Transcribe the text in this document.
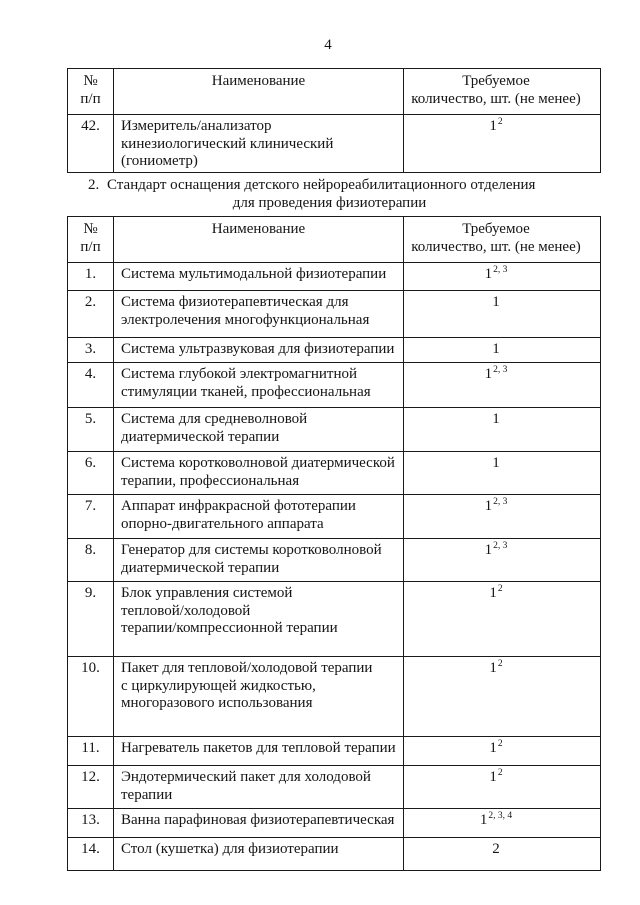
4
№
п/п	Наименование	Требуемое
количество, шт. (не менее)
42.	Измеритель/анализатор
кинезиологический клинический
(гониометр)	1$^2$
2. Стандарт оснащения детского нейрореабилитационного отделения
для проведения физиотерапии
№
п/п	Наименование	Требуемое
количество, шт. (не менее)
1.	Система мультимодальной физиотерапии	1$^{2, 3}$
2.	Система физиотерапевтическая для
электролечения многофункциональная	1
3.	Система ультразвуковая для физиотерапии	1
4.	Система глубокой электромагнитной
стимуляции тканей, профессиональная	1$^{2, 3}$
5.	Система для средневолновой
диатермической терапии	1
6.	Система коротковолновой диатермической
терапии, профессиональная	1
7.	Аппарат инфракрасной фототерапии
опорно-двигательного аппарата	1$^{2, 3}$
8.	Генератор для системы коротковолновой
диатермической терапии	1$^{2, 3}$
9.	Блок управления системой
тепловой/холодовой
терапии/компрессионной терапии	1$^2$
10.	Пакет для тепловой/холодовой терапии
с циркулирующей жидкостью,
многоразового использования	1$^2$
11.	Нагреватель пакетов для тепловой терапии	1$^2$
12.	Эндотермический пакет для холодовой
терапии	1$^2$
13.	Ванна парафиновая физиотерапевтическая	1$^{2, 3, 4}$
14.	Стол (кушетка) для физиотерапии	2
